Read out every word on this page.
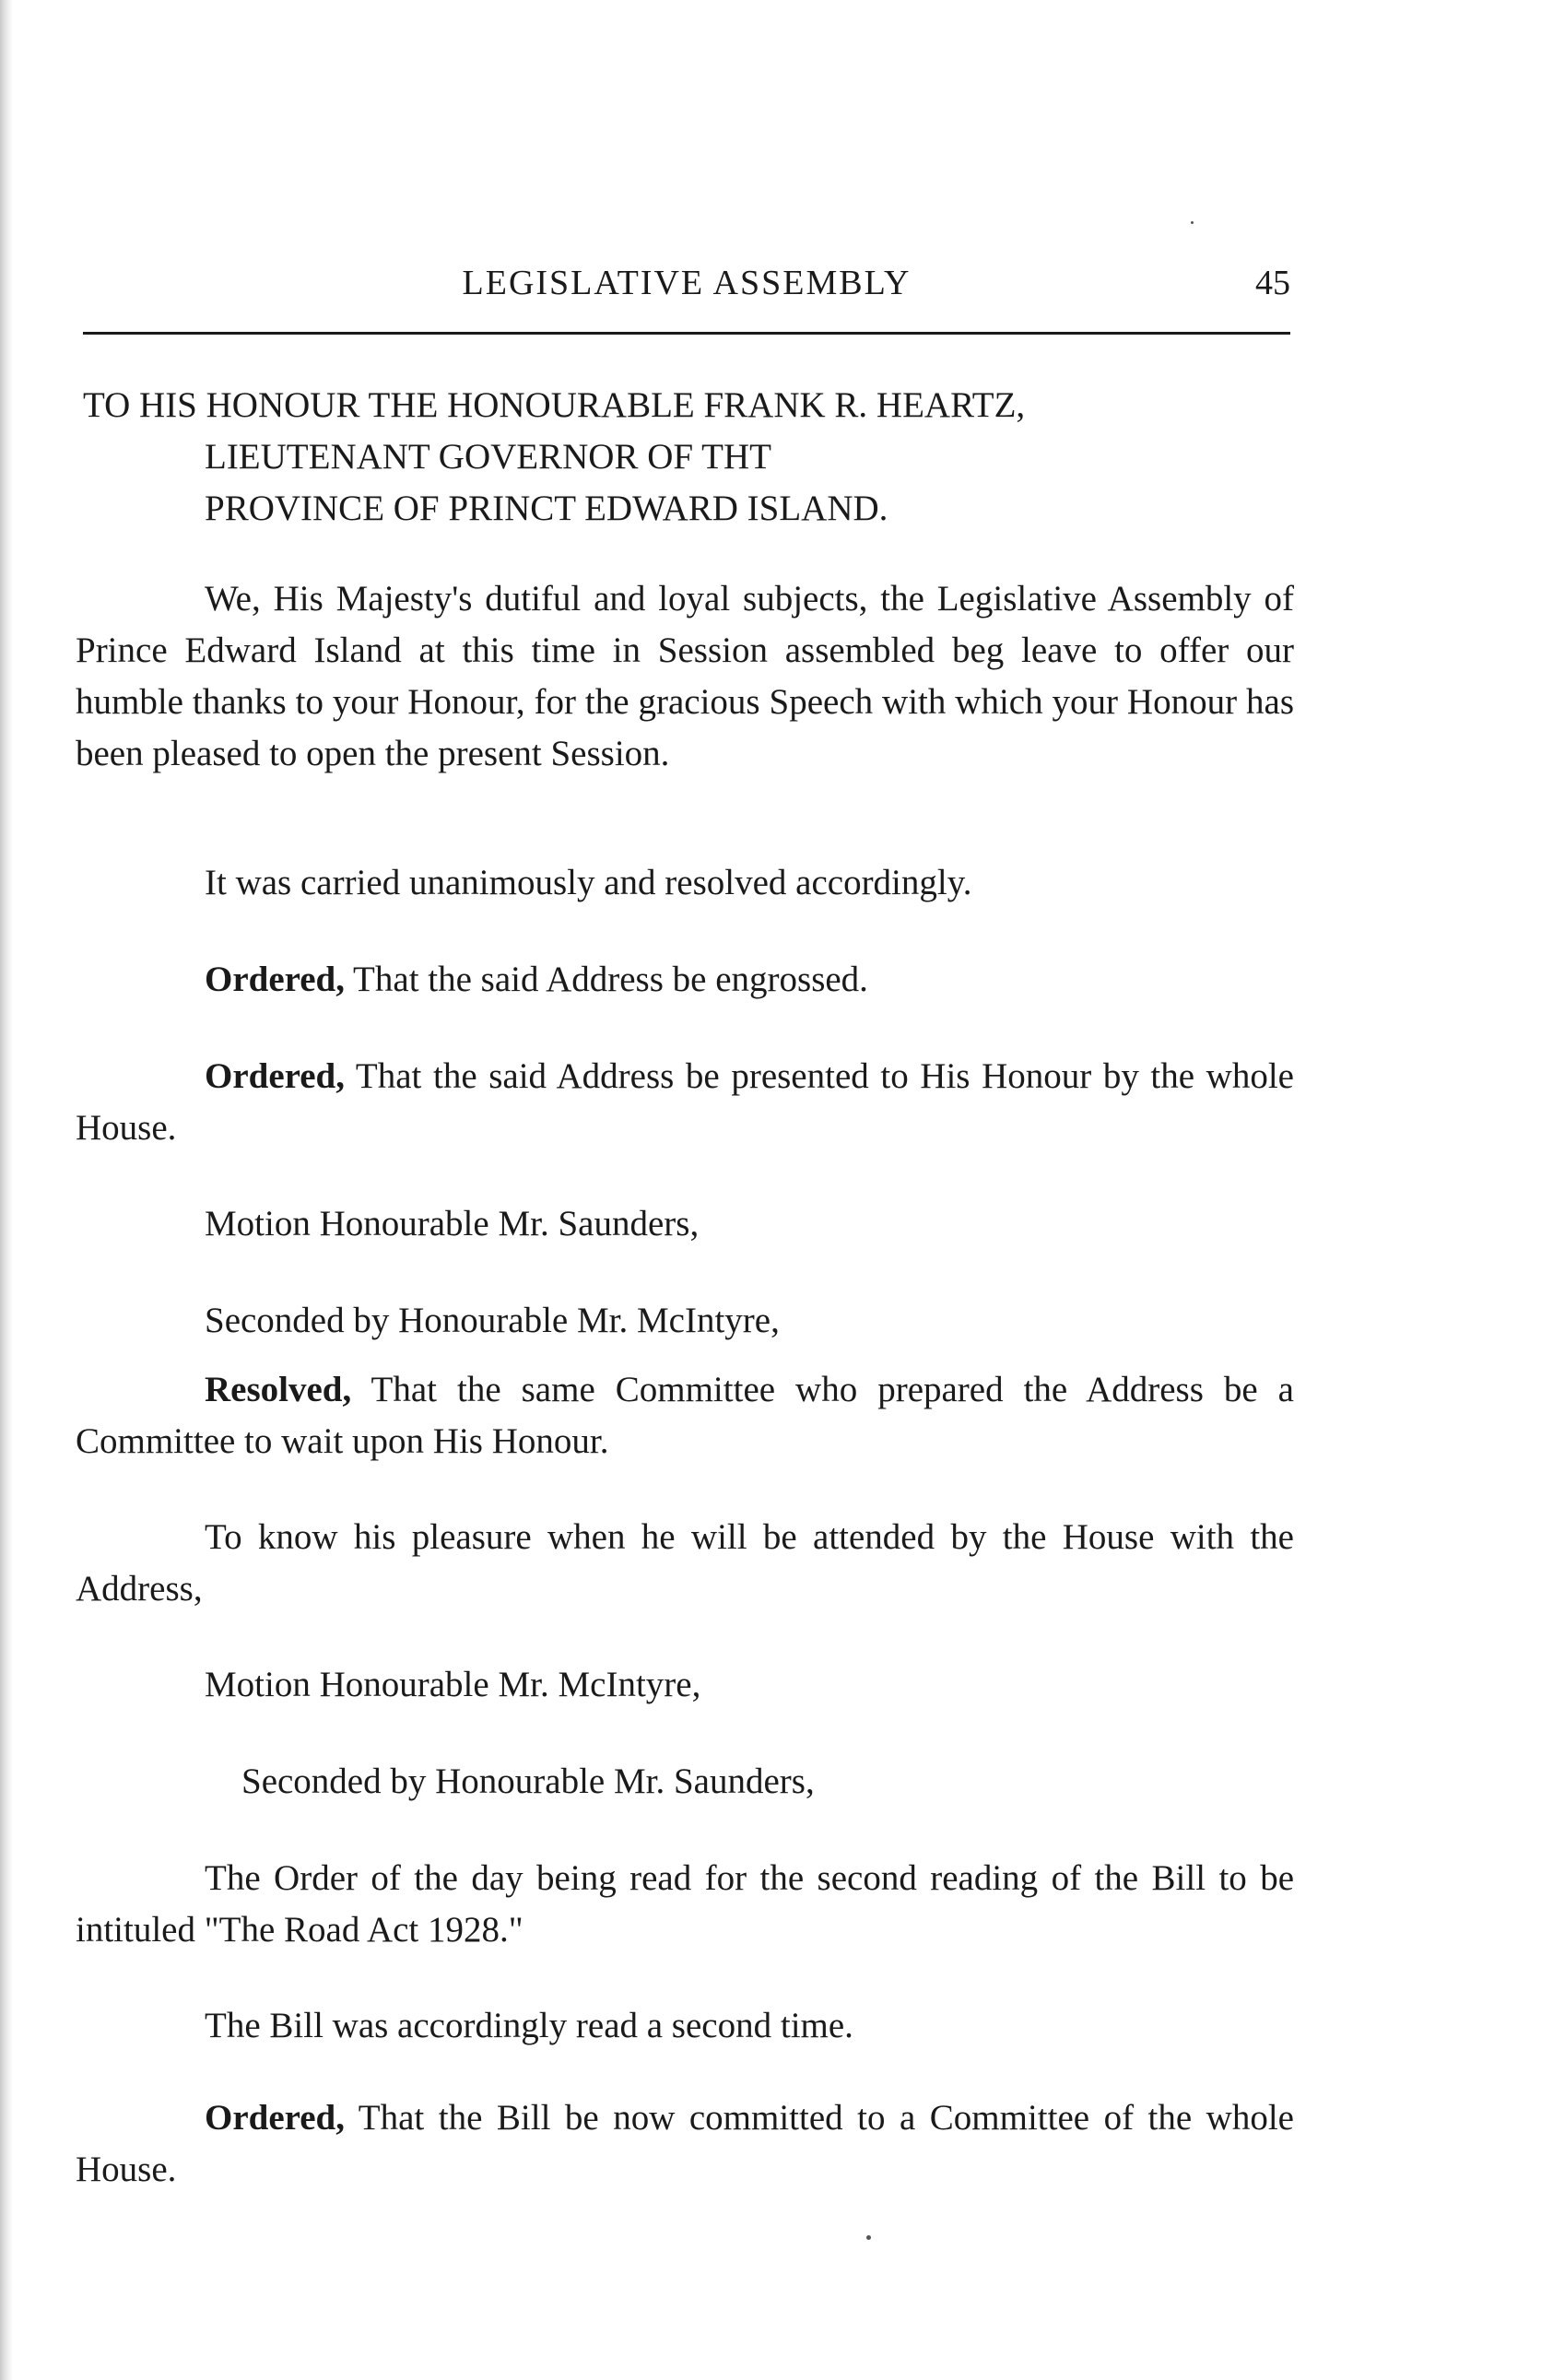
LEGISLATIVE ASSEMBLY	45
TO HIS HONOUR THE HONOURABLE FRANK R. HEARTZ,
LIEUTENANT GOVERNOR OF THT
PROVINCE OF PRINCT EDWARD ISLAND.

We, His Majesty's dutiful and loyal subjects, the Legislative Assembly of Prince Edward Island at this time in Session assembled beg leave to offer our humble thanks to your Honour, for the gracious Speech with which your Honour has been pleased to open the present Session.

It was carried unanimously and resolved accordingly.

Ordered, That the said Address be engrossed.

Ordered, That the said Address be presented to His Honour by the whole House.

Motion Honourable Mr. Saunders,

Seconded by Honourable Mr. McIntyre,

Resolved, That the same Committee who prepared the Address be a Committee to wait upon His Honour.

To know his pleasure when he will be attended by the House with the Address,

Motion Honourable Mr. McIntyre,

Seconded by Honourable Mr. Saunders,

The Order of the day being read for the second reading of the Bill to be intituled "The Road Act 1928."

The Bill was accordingly read a second time.

Ordered, That the Bill be now committed to a Committee of the whole House.
